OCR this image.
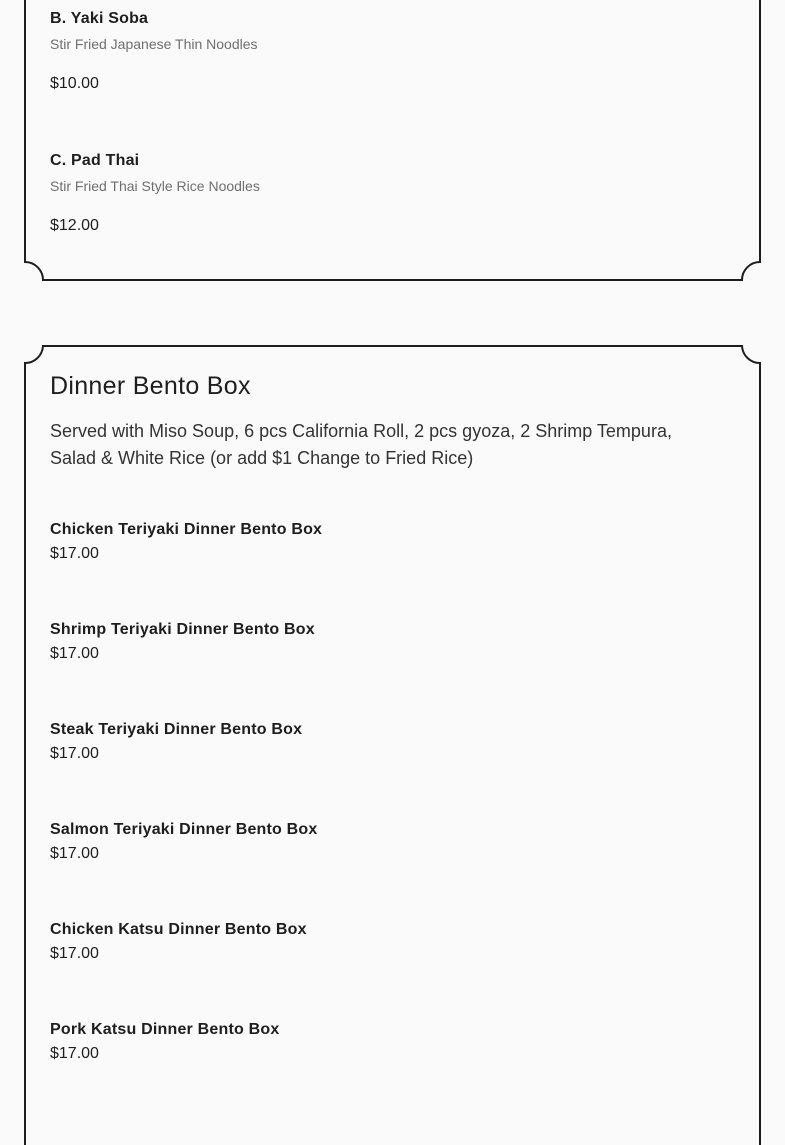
B. Yaki Soba
Stir Fried Japanese Thin Noodles
$10.00
C. Pad Thai
Stir Fried Thai Style Rice Noodles
$12.00
Dinner Bento Box

Served with Miso Soup, 6 pcs California Roll, 2 pcs gyoza, 2 Shrimp Tempura, Salad & White Rice (or add $1 Change to Fried Rice)

Chicken Teriyaki Dinner Bento Box
$17.00
Shrimp Teriyaki Dinner Bento Box
$17.00
Steak Teriyaki Dinner Bento Box
$17.00
Salmon Teriyaki Dinner Bento Box
$17.00
Chicken Katsu Dinner Bento Box
$17.00
Pork Katsu Dinner Bento Box
$17.00
